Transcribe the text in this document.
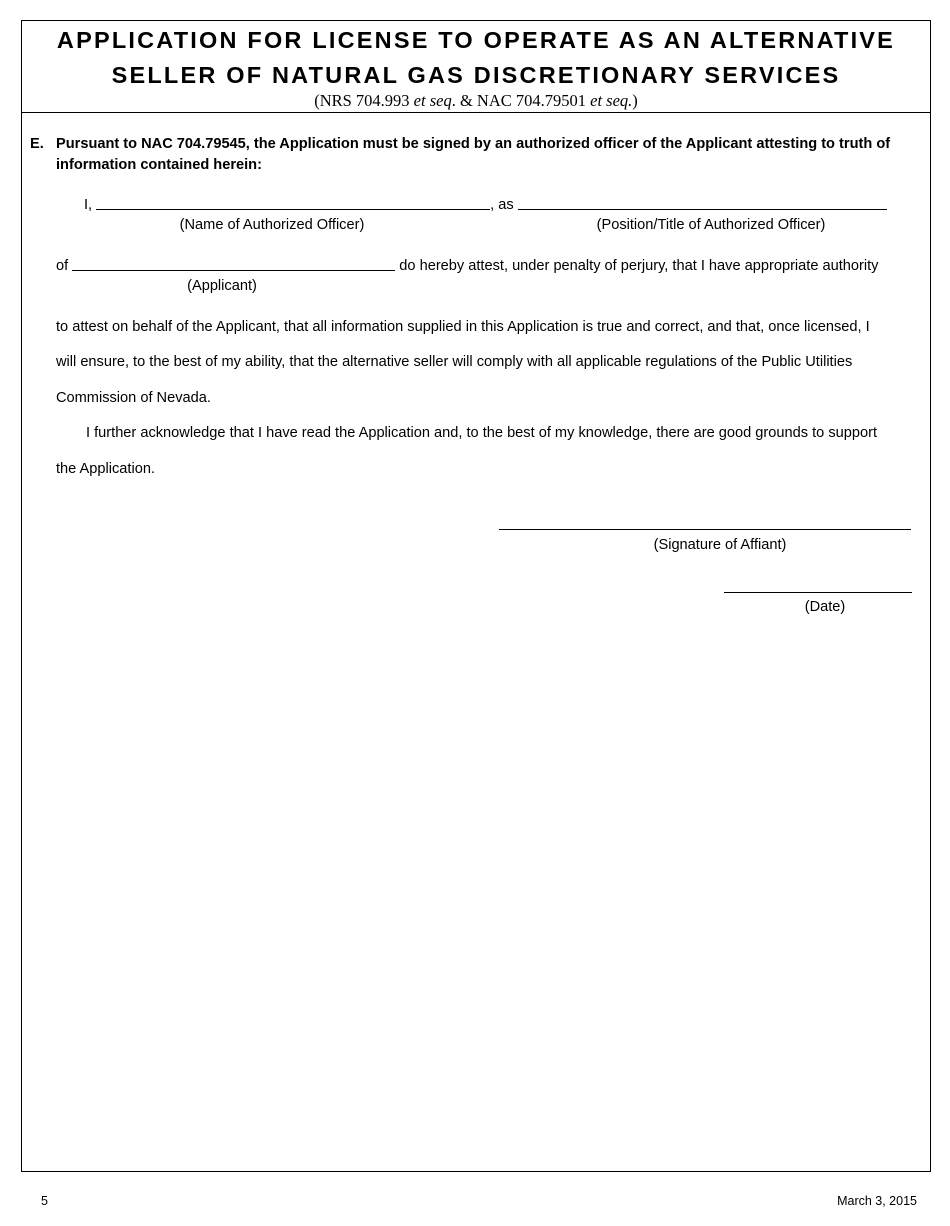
APPLICATION FOR LICENSE TO OPERATE AS AN ALTERNATIVE
SELLER OF NATURAL GAS DISCRETIONARY SERVICES
(NRS 704.993 et seq. & NAC 704.79501 et seq.)
E. Pursuant to NAC 704.79545, the Application must be signed by an authorized officer of the Applicant attesting to truth of information contained herein:
I,	, as
(Name of Authorized Officer)	(Position/Title of Authorized Officer)
of	do hereby attest, under penalty of perjury, that I have appropriate authority
(Applicant)
to attest on behalf of the Applicant, that all information supplied in this Application is true and correct, and that, once licensed, I
will ensure, to the best of my ability, that the alternative seller will comply with all applicable regulations of the Public Utilities
Commission of Nevada.
I further acknowledge that I have read the Application and, to the best of my knowledge, there are good grounds to support
the Application.
(Signature of Affiant)
(Date)
5	March 3, 2015
